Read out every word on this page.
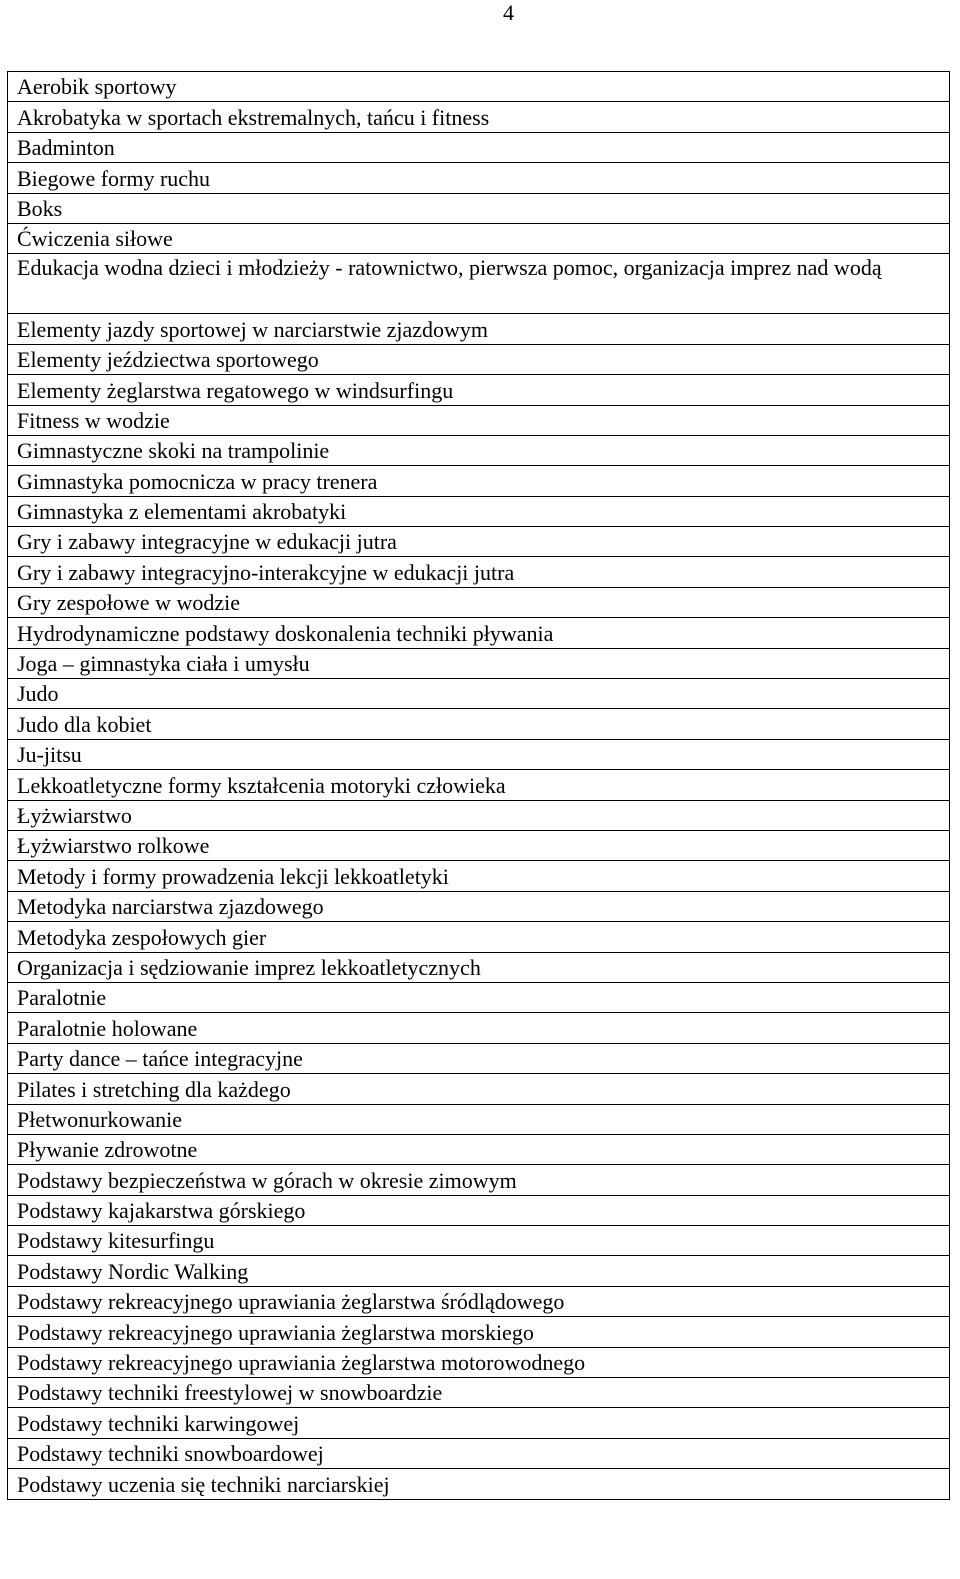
4
Aerobik sportowy
Akrobatyka w sportach ekstremalnych, tańcu i fitness
Badminton
Biegowe formy ruchu
Boks
Ćwiczenia siłowe
Edukacja wodna dzieci i młodzieży - ratownictwo, pierwsza pomoc, organizacja imprez nad wodą
Elementy jazdy sportowej w narciarstwie zjazdowym
Elementy jeździectwa sportowego
Elementy żeglarstwa regatowego w windsurfingu
Fitness w wodzie
Gimnastyczne skoki na trampolinie
Gimnastyka pomocnicza w pracy trenera
Gimnastyka z elementami akrobatyki
Gry i zabawy integracyjne w edukacji jutra
Gry i zabawy integracyjno-interakcyjne w edukacji jutra
Gry zespołowe w wodzie
Hydrodynamiczne podstawy doskonalenia techniki pływania
Joga – gimnastyka ciała i umysłu
Judo
Judo dla kobiet
Ju-jitsu
Lekkoatletyczne formy kształcenia motoryki człowieka
Łyżwiarstwo
Łyżwiarstwo rolkowe
Metody i formy prowadzenia lekcji lekkoatletyki
Metodyka narciarstwa zjazdowego
Metodyka zespołowych gier
Organizacja i sędziowanie imprez lekkoatletycznych
Paralotnie
Paralotnie holowane
Party dance – tańce integracyjne
Pilates i stretching dla każdego
Płetwonurkowanie
Pływanie zdrowotne
Podstawy bezpieczeństwa w górach w okresie zimowym
Podstawy kajakarstwa górskiego
Podstawy kitesurfingu
Podstawy Nordic Walking
Podstawy rekreacyjnego uprawiania żeglarstwa śródlądowego
Podstawy rekreacyjnego uprawiania żeglarstwa morskiego
Podstawy rekreacyjnego uprawiania żeglarstwa motorowodnego
Podstawy techniki freestylowej w snowboardzie
Podstawy techniki karwingowej
Podstawy techniki snowboardowej
Podstawy uczenia się techniki narciarskiej
